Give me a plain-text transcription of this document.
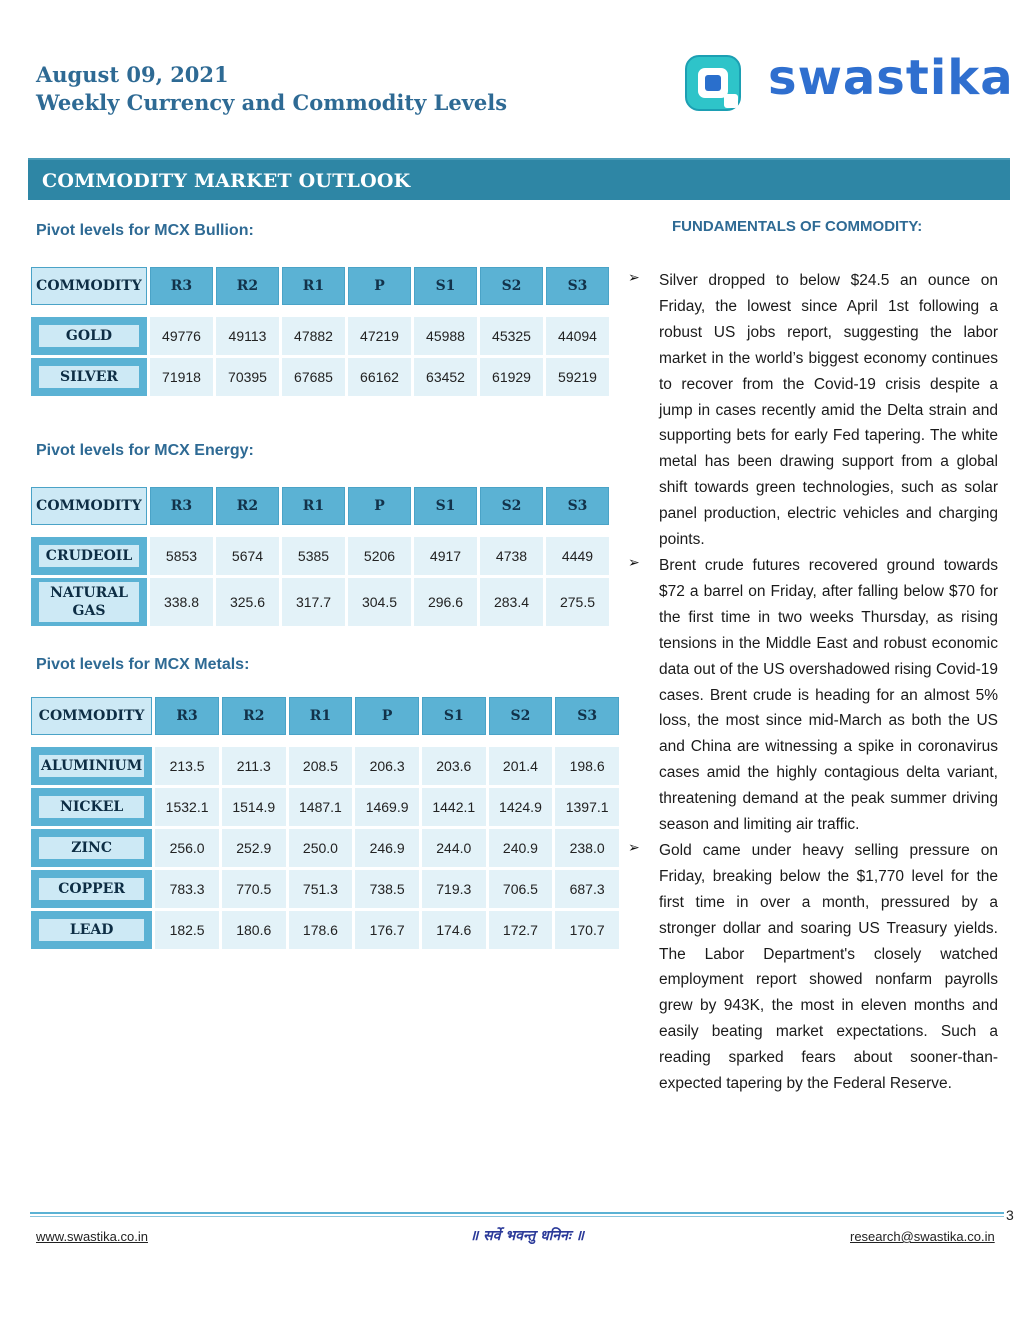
August 09, 2021
Weekly Currency and Commodity Levels	swastika
COMMODITY MARKET OUTLOOK
Pivot levels for MCX Bullion:
COMMODITY	R3	R2	R1	P	S1	S2	S3

GOLD	49776	49113	47882	47219	45988	45325	44094

SILVER	71918	70395	67685	66162	63452	61929	59219
Pivot levels for MCX Energy:
COMMODITY	R3	R2	R1	P	S1	S2	S3

CRUDEOIL	5853	5674	5385	5206	4917	4738	4449

NATURAL GAS	338.8	325.6	317.7	304.5	296.6	283.4	275.5
Pivot levels for MCX Metals:
COMMODITY	R3	R2	R1	P	S1	S2	S3

ALUMINIUM	213.5	211.3	208.5	206.3	203.6	201.4	198.6

NICKEL	1532.1	1514.9	1487.1	1469.9	1442.1	1424.9	1397.1

ZINC	256.0	252.9	250.0	246.9	244.0	240.9	238.0

COPPER	783.3	770.5	751.3	738.5	719.3	706.5	687.3

LEAD	182.5	180.6	178.6	176.7	174.6	172.7	170.7
FUNDAMENTALS OF COMMODITY:
➢ Silver dropped to below $24.5 an ounce on Friday, the lowest since April 1st following a robust US jobs report, suggesting the labor market in the world’s biggest economy continues to recover from the Covid-19 crisis despite a jump in cases recently amid the Delta strain and supporting bets for early Fed tapering. The white metal has been drawing support from a global shift towards green technologies, such as solar panel production, electric vehicles and charging points.

➢ Brent crude futures recovered ground towards $72 a barrel on Friday, after falling below $70 for the first time in two weeks Thursday, as rising tensions in the Middle East and robust economic data out of the US overshadowed rising Covid-19 cases. Brent crude is heading for an almost 5% loss, the most since mid-March as both the US and China are witnessing a spike in coronavirus cases amid the highly contagious delta variant, threatening demand at the peak summer driving season and limiting air traffic.

➢ Gold came under heavy selling pressure on Friday, breaking below the $1,770 level for the first time in over a month, pressured by a stronger dollar and soaring US Treasury yields. The Labor Department's closely watched employment report showed nonfarm payrolls grew by 943K, the most in eleven months and easily beating market expectations. Such a reading sparked fears about sooner-than-expected tapering by the Federal Reserve.

3
www.swastika.co.in	॥ सर्वे भवन्तु धनिनः ॥	research@swastika.co.in
